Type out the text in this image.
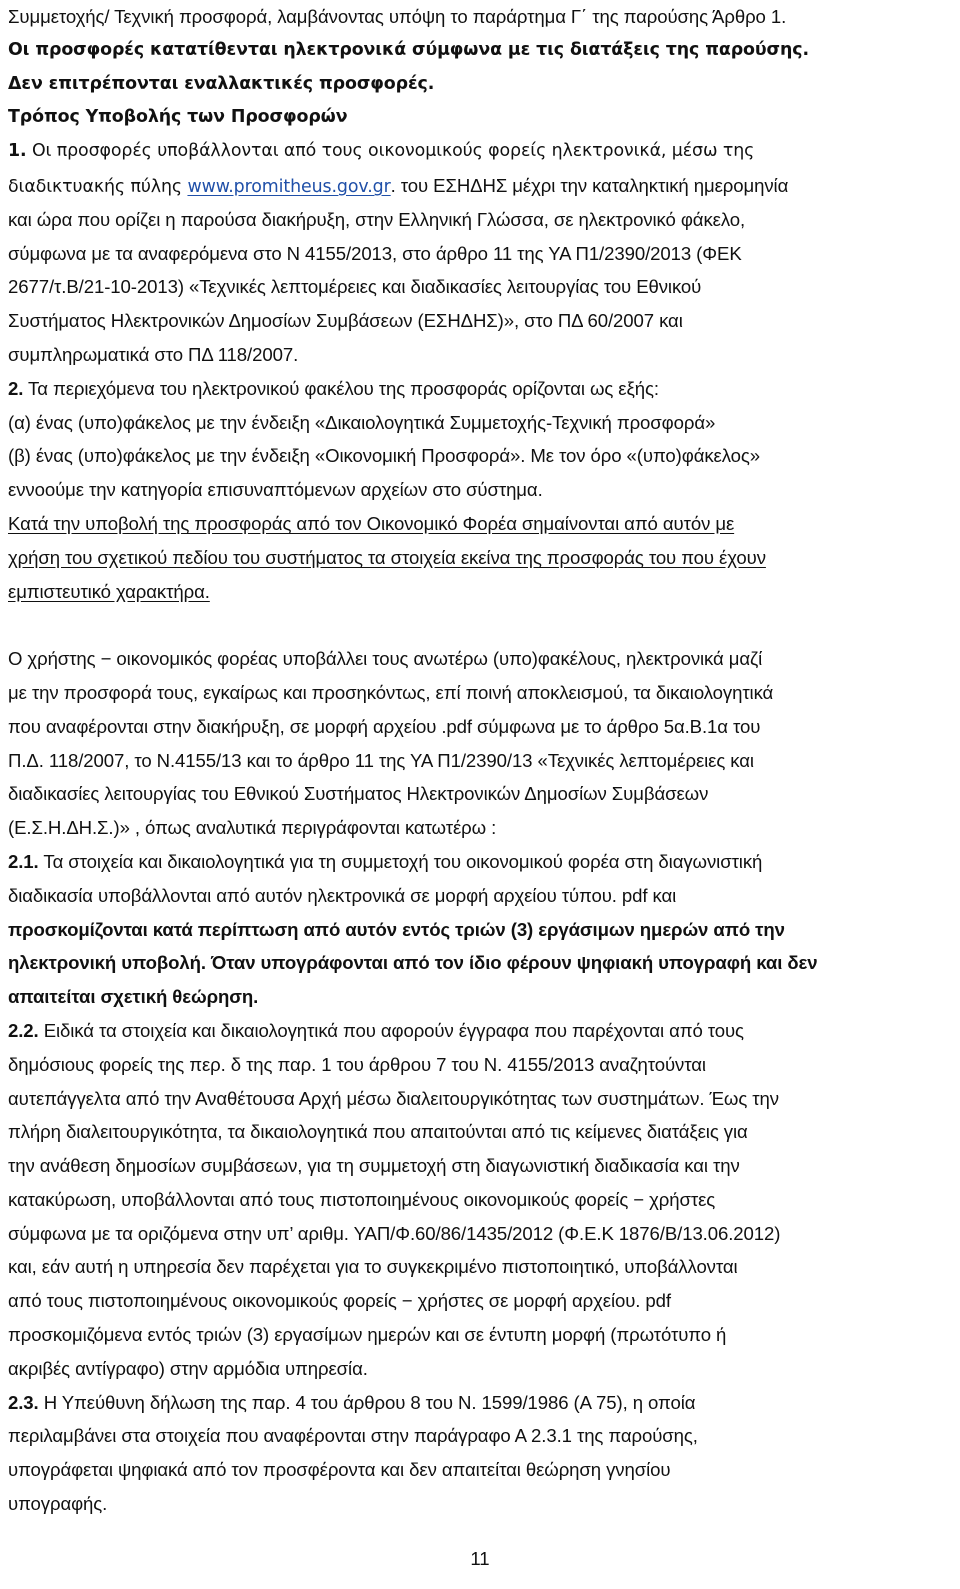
Συμμετοχής/ Τεχνική προσφορά, λαμβάνοντας υπόψη το παράρτημα Γ΄ της παρούσης Άρθρο 1.
Οι προσφορές κατατίθενται ηλεκτρονικά σύμφωνα με τις διατάξεις της παρούσης.
Δεν επιτρέπονται εναλλακτικές προσφορές.
Τρόπος Υποβολής των Προσφορών
1. Οι προσφορές υποβάλλονται από τους οικονομικούς φορείς ηλεκτρονικά, μέσω της
διαδικτυακής πύλης www.promitheus.gov.gr. του ΕΣΗΔΗΣ μέχρι την καταληκτική ημερομηνία
και ώρα που ορίζει η παρούσα διακήρυξη, στην Ελληνική Γλώσσα, σε ηλεκτρονικό φάκελο,
σύμφωνα με τα αναφερόμενα στο Ν 4155/2013, στο άρθρο 11 της ΥΑ Π1/2390/2013 (ΦΕΚ
2677/τ.Β/21-10-2013) «Τεχνικές λεπτομέρειες και διαδικασίες λειτουργίας του Εθνικού
Συστήματος Ηλεκτρονικών Δημοσίων Συμβάσεων (ΕΣΗΔΗΣ)», στο ΠΔ 60/2007 και
συμπληρωματικά στο ΠΔ 118/2007.
2. Τα περιεχόμενα του ηλεκτρονικού φακέλου της προσφοράς ορίζονται ως εξής:
(α) ένας (υπο)φάκελος με την ένδειξη «Δικαιολογητικά Συμμετοχής-Τεχνική προσφορά»
(β) ένας (υπο)φάκελος με την ένδειξη «Οικονομική Προσφορά». Με τον όρο «(υπο)φάκελος»
εννοούμε την κατηγορία επισυναπτόμενων αρχείων στο σύστημα.
Κατά την υποβολή της προσφοράς από τον Οικονομικό Φορέα σημαίνονται από αυτόν με
χρήση του σχετικού πεδίου του συστήματος τα στοιχεία εκείνα της προσφοράς του που έχουν
εμπιστευτικό χαρακτήρα.
Ο χρήστης − οικονομικός φορέας υποβάλλει τους ανωτέρω (υπο)φακέλους, ηλεκτρονικά μαζί
με την προσφορά τους, εγκαίρως και προσηκόντως, επί ποινή αποκλεισμού, τα δικαιολογητικά
που αναφέρονται στην διακήρυξη, σε μορφή αρχείου .pdf σύμφωνα με το άρθρο 5α.Β.1α του
Π.Δ. 118/2007, το Ν.4155/13 και το άρθρο 11 της ΥΑ Π1/2390/13 «Τεχνικές λεπτομέρειες και
διαδικασίες λειτουργίας του Εθνικού Συστήματος Ηλεκτρονικών Δημοσίων Συμβάσεων
(Ε.Σ.Η.ΔΗ.Σ.)» , όπως αναλυτικά περιγράφονται κατωτέρω :
2.1. Τα στοιχεία και δικαιολογητικά για τη συμμετοχή του οικονομικού φορέα στη διαγωνιστική
διαδικασία υποβάλλονται από αυτόν ηλεκτρονικά σε μορφή αρχείου τύπου. pdf και
προσκομίζονται κατά περίπτωση από αυτόν εντός τριών (3) εργάσιμων ημερών από την
ηλεκτρονική υποβολή. Όταν υπογράφονται από τον ίδιο φέρουν ψηφιακή υπογραφή και δεν
απαιτείται σχετική θεώρηση.
2.2. Ειδικά τα στοιχεία και δικαιολογητικά που αφορούν έγγραφα που παρέχονται από τους
δημόσιους φορείς της περ. δ της παρ. 1 του άρθρου 7 του Ν. 4155/2013 αναζητούνται
αυτεπάγγελτα από την Αναθέτουσα Αρχή μέσω διαλειτουργικότητας των συστημάτων. Έως την
πλήρη διαλειτουργικότητα, τα δικαιολογητικά που απαιτούνται από τις κείμενες διατάξεις για
την ανάθεση δημοσίων συμβάσεων, για τη συμμετοχή στη διαγωνιστική διαδικασία και την
κατακύρωση, υποβάλλονται από τους πιστοποιημένους οικονομικούς φορείς − χρήστες
σύμφωνα με τα οριζόμενα στην υπ’ αριθμ. ΥΑΠ/Φ.60/86/1435/2012 (Φ.Ε.Κ 1876/Β/13.06.2012)
και, εάν αυτή η υπηρεσία δεν παρέχεται για το συγκεκριμένο πιστοποιητικό, υποβάλλονται
από τους πιστοποιημένους οικονομικούς φορείς − χρήστες σε μορφή αρχείου. pdf
προσκομιζόμενα εντός τριών (3) εργασίμων ημερών και σε έντυπη μορφή (πρωτότυπο ή
ακριβές αντίγραφο) στην αρμόδια υπηρεσία.
2.3. Η Υπεύθυνη δήλωση της παρ. 4 του άρθρου 8 του Ν. 1599/1986 (Α 75), η οποία
περιλαμβάνει στα στοιχεία που αναφέρονται στην παράγραφο Α 2.3.1 της παρούσης,
υπογράφεται ψηφιακά από τον προσφέροντα και δεν απαιτείται θεώρηση γνησίου
υπογραφής.
11
